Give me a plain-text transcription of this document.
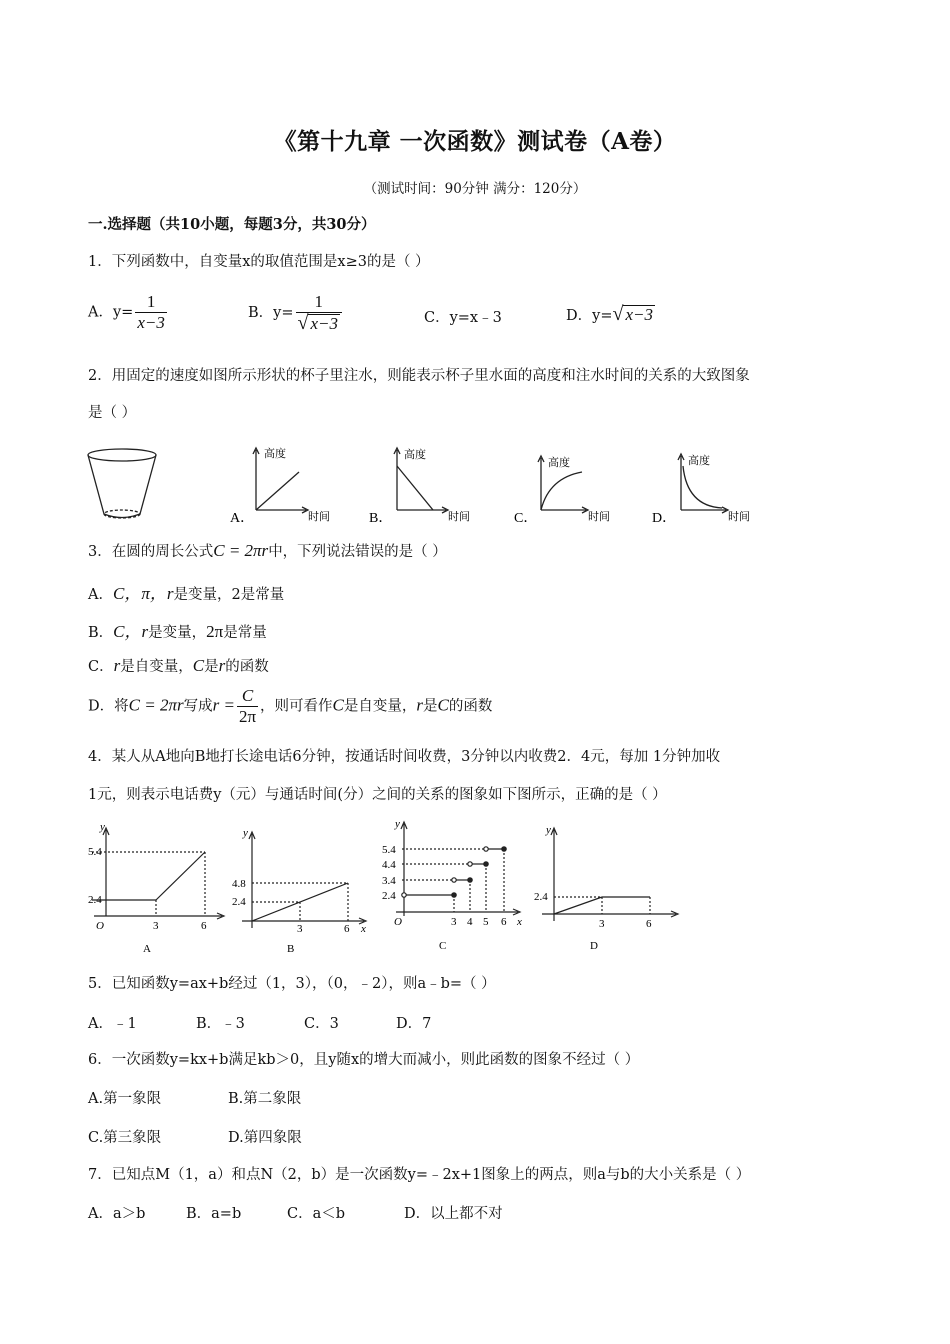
《第十九章 一次函数》测试卷（A卷）
（测试时间：90分钟 满分：120分）
一.选择题（共10小题，每题3分，共30分）
1．下列函数中，自变量x的取值范围是x≥3的是（ ）
A．$y= \frac{1}{x-3}$	B．$y= \frac{1}{√ x-3}$	C．y=x﹣3	D．y=√ x−3
2．用固定的速度如图所示形状的杯子里注水，则能表示杯子里水面的高度和注水时间的关系的大致图象
是（ ）
高度
时间
A．
高度
时间
B．
高度
时间
C．
高度
时间
D．
3．在圆的周长公式C = 2πr中，下列说法错误的是（ ）
A．C，π，r是变量，2是常量
B．C，r是变量，2π是常量
C．r是自变量，C是r的函数
D．将C = 2πr写成$r = \frac{C}{2\pi}$ ，则可看作C是自变量，r是C的函数
4．某人从A地向B地打长途电话6分钟，按通话时间收费，3分钟以内收费2．4元，每加 1分钟加收
1元，则表示电话费y（元）与通话时间(分）之间的关系的图象如下图所示，正确的是（ ）
y
5.4
2.4
O	3	6
A
y
4.8
2.4
3	6 x
B
y
5.4
4.4
3.4
2.4
O	3 4 5 6 x
C
y
2.4
3	6
D
5．已知函数y=ax+b经过（1，3），（0，﹣2），则a﹣b=（ ）
A．﹣1	B．﹣3	C．3	D．7
6．一次函数y=kx+b满足kb＞0，且y随x的增大而减小，则此函数的图象不经过（ ）
A.第一象限	B.第二象限
C.第三象限	D.第四象限
7．已知点M（1，a）和点N（2，b）是一次函数y=﹣2x+1图象上的两点，则a与b的大小关系是（ ）
A．a＞b	B．a=b	C．a＜b	D．以上都不对
